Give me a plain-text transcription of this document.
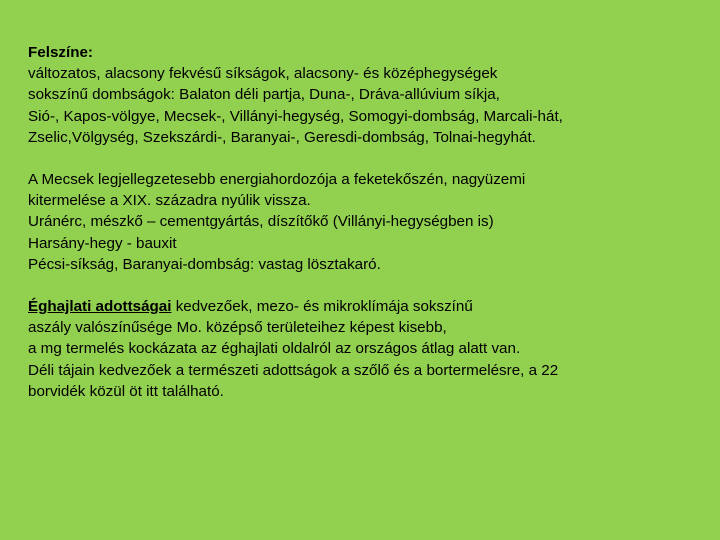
Felszíne:

változatos, alacsony fekvésű síkságok, alacsony- és középhegységek

sokszínű dombságok: Balaton déli partja, Duna-, Dráva-allúvium síkja,

Sió-, Kapos-völgye, Mecsek-, Villányi-hegység, Somogyi-dombság, Marcali-hát,

Zselic,Völgység, Szekszárdi-, Baranyai-, Geresdi-dombság, Tolnai-hegyhát.

A Mecsek legjellegzetesebb energiahordozója a feketekőszén, nagyüzemi

kitermelése a XIX. századra nyúlik vissza.

Uránérc, mészkő – cementgyártás, díszítőkő (Villányi-hegységben is)

Harsány-hegy - bauxit

Pécsi-síkság, Baranyai-dombság: vastag lösztakaró.

Éghajlati adottságai kedvezőek, mezo- és mikroklímája sokszínű

aszály valószínűsége Mo. középső területeihez képest kisebb,

a mg termelés kockázata az éghajlati oldalról az országos átlag alatt van.

Déli tájain kedvezőek a természeti adottságok a szőlő és a bortermelésre, a 22

borvidék közül öt itt található.
